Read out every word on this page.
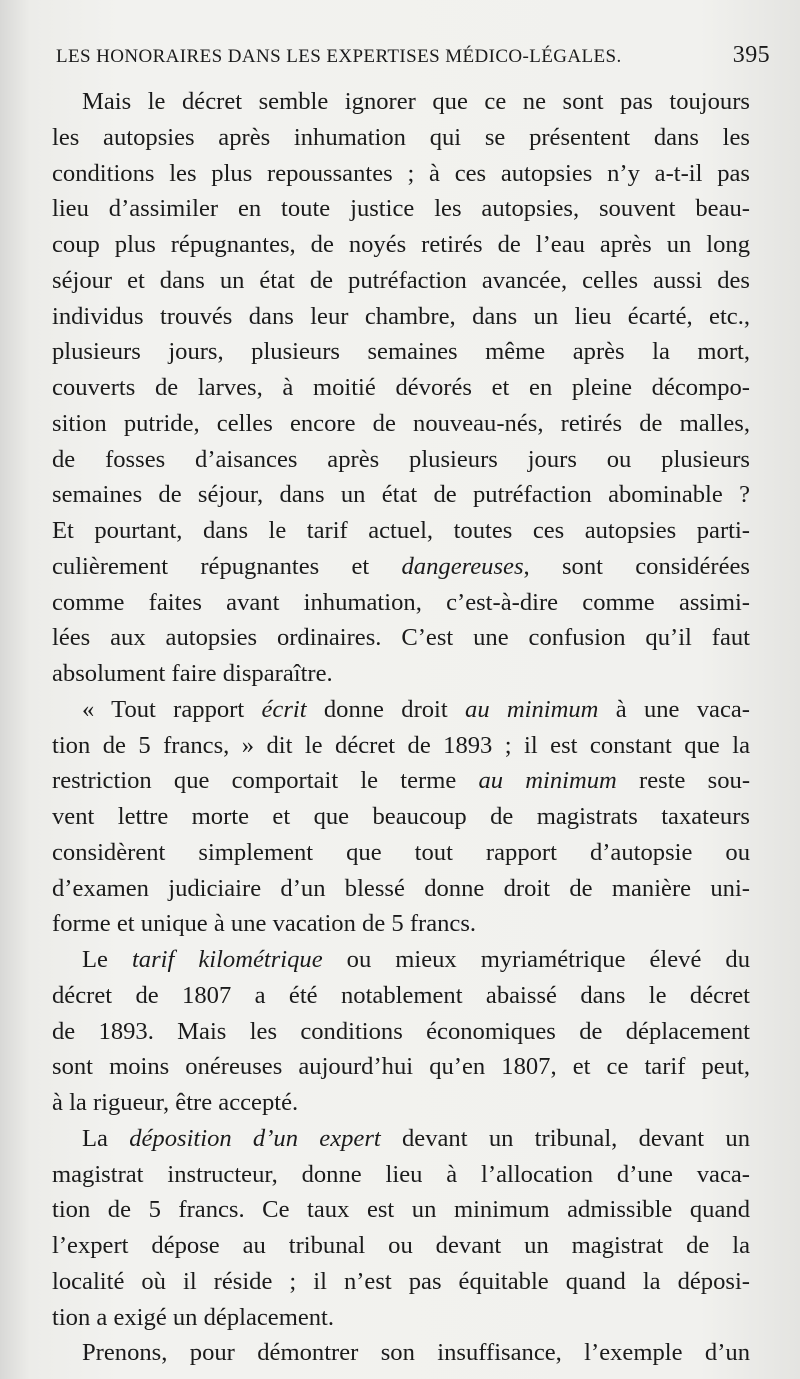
LES HONORAIRES DANS LES EXPERTISES MÉDICO-LÉGALES.	395
Mais le décret semble ignorer que ce ne sont pas toujours
les autopsies après inhumation qui se présentent dans les
conditions les plus repoussantes ; à ces autopsies n’y a-t-il pas
lieu d’assimiler en toute justice les autopsies, souvent beau-
coup plus répugnantes, de noyés retirés de l’eau après un long
séjour et dans un état de putréfaction avancée, celles aussi des
individus trouvés dans leur chambre, dans un lieu écarté, etc.,
plusieurs jours, plusieurs semaines même après la mort,
couverts de larves, à moitié dévorés et en pleine décompo-
sition putride, celles encore de nouveau-nés, retirés de malles,
de fosses d’aisances après plusieurs jours ou plusieurs
semaines de séjour, dans un état de putréfaction abominable ?
Et pourtant, dans le tarif actuel, toutes ces autopsies parti-
culièrement répugnantes et dangereuses, sont considérées
comme faites avant inhumation, c’est-à-dire comme assimi-
lées aux autopsies ordinaires. C’est une confusion qu’il faut
absolument faire disparaître.
« Tout rapport écrit donne droit au minimum à une vaca-
tion de 5 francs, » dit le décret de 1893 ; il est constant que la
restriction que comportait le terme au minimum reste sou-
vent lettre morte et que beaucoup de magistrats taxateurs
considèrent simplement que tout rapport d’autopsie ou
d’examen judiciaire d’un blessé donne droit de manière uni-
forme et unique à une vacation de 5 francs.
Le tarif kilométrique ou mieux myriamétrique élevé du
décret de 1807 a été notablement abaissé dans le décret
de 1893. Mais les conditions économiques de déplacement
sont moins onéreuses aujourd’hui qu’en 1807, et ce tarif peut,
à la rigueur, être accepté.
La déposition d’un expert devant un tribunal, devant un
magistrat instructeur, donne lieu à l’allocation d’une vaca-
tion de 5 francs. Ce taux est un minimum admissible quand
l’expert dépose au tribunal ou devant un magistrat de la
localité où il réside ; il n’est pas équitable quand la déposi-
tion a exigé un déplacement.
Prenons, pour démontrer son insuffisance, l’exemple d’un
